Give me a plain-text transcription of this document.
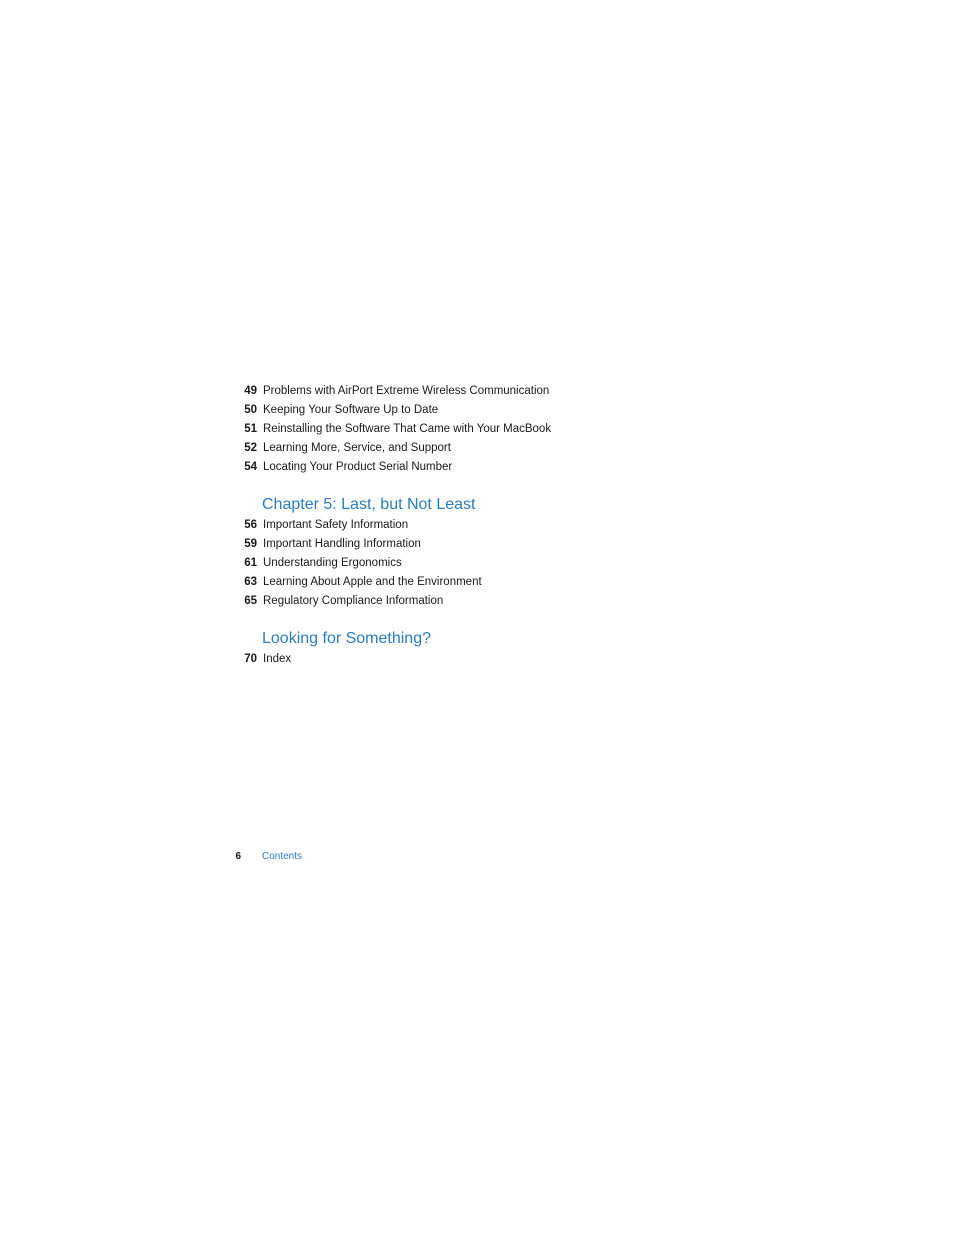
49 Problems with AirPort Extreme Wireless Communication
50 Keeping Your Software Up to Date
51 Reinstalling the Software That Came with Your MacBook
52 Learning More, Service, and Support
54 Locating Your Product Serial Number
Chapter 5: Last, but Not Least
56 Important Safety Information
59 Important Handling Information
61 Understanding Ergonomics
63 Learning About Apple and the Environment
65 Regulatory Compliance Information
Looking for Something?
70 Index
6 Contents
